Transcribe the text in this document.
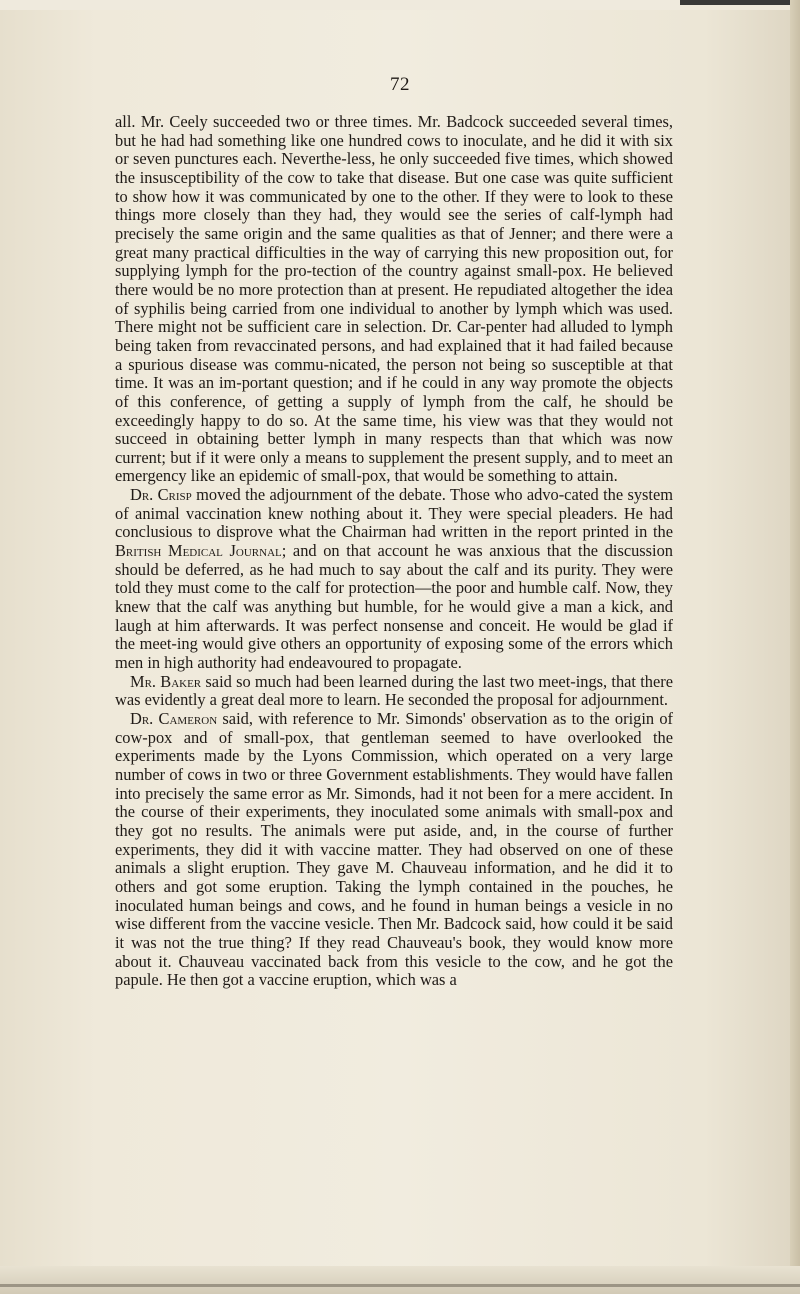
72

all. Mr. Ceely succeeded two or three times. Mr. Badcock succeeded several times, but he had had something like one hundred cows to inoculate, and he did it with six or seven punctures each. Neverthe-less, he only succeeded five times, which showed the insusceptibility of the cow to take that disease. But one case was quite sufficient to show how it was communicated by one to the other. If they were to look to these things more closely than they had, they would see the series of calf-lymph had precisely the same origin and the same qualities as that of Jenner; and there were a great many practical difficulties in the way of carrying this new proposition out, for supplying lymph for the pro-tection of the country against small-pox. He believed there would be no more protection than at present. He repudiated altogether the idea of syphilis being carried from one individual to another by lymph which was used. There might not be sufficient care in selection. Dr. Car-penter had alluded to lymph being taken from revaccinated persons, and had explained that it had failed because a spurious disease was commu-nicated, the person not being so susceptible at that time. It was an im-portant question; and if he could in any way promote the objects of this conference, of getting a supply of lymph from the calf, he should be exceedingly happy to do so. At the same time, his view was that they would not succeed in obtaining better lymph in many respects than that which was now current; but if it were only a means to supplement the present supply, and to meet an emergency like an epidemic of small-pox, that would be something to attain.

Dr. Crisp moved the adjournment of the debate. Those who advo-cated the system of animal vaccination knew nothing about it. They were special pleaders. He had conclusious to disprove what the Chairman had written in the report printed in the British Medical Journal; and on that account he was anxious that the discussion should be deferred, as he had much to say about the calf and its purity. They were told they must come to the calf for protection—the poor and humble calf. Now, they knew that the calf was anything but humble, for he would give a man a kick, and laugh at him afterwards. It was perfect nonsense and conceit. He would be glad if the meet-ing would give others an opportunity of exposing some of the errors which men in high authority had endeavoured to propagate.

Mr. Baker said so much had been learned during the last two meet-ings, that there was evidently a great deal more to learn. He seconded the proposal for adjournment.

Dr. Cameron said, with reference to Mr. Simonds' observation as to the origin of cow-pox and of small-pox, that gentleman seemed to have overlooked the experiments made by the Lyons Commission, which operated on a very large number of cows in two or three Government establishments. They would have fallen into precisely the same error as Mr. Simonds, had it not been for a mere accident. In the course of their experiments, they inoculated some animals with small-pox and they got no results. The animals were put aside, and, in the course of further experiments, they did it with vaccine matter. They had observed on one of these animals a slight eruption. They gave M. Chauveau information, and he did it to others and got some eruption. Taking the lymph contained in the pouches, he inoculated human beings and cows, and he found in human beings a vesicle in no wise different from the vaccine vesicle. Then Mr. Badcock said, how could it be said it was not the true thing? If they read Chauveau's book, they would know more about it. Chauveau vaccinated back from this vesicle to the cow, and he got the papule. He then got a vaccine eruption, which was a
